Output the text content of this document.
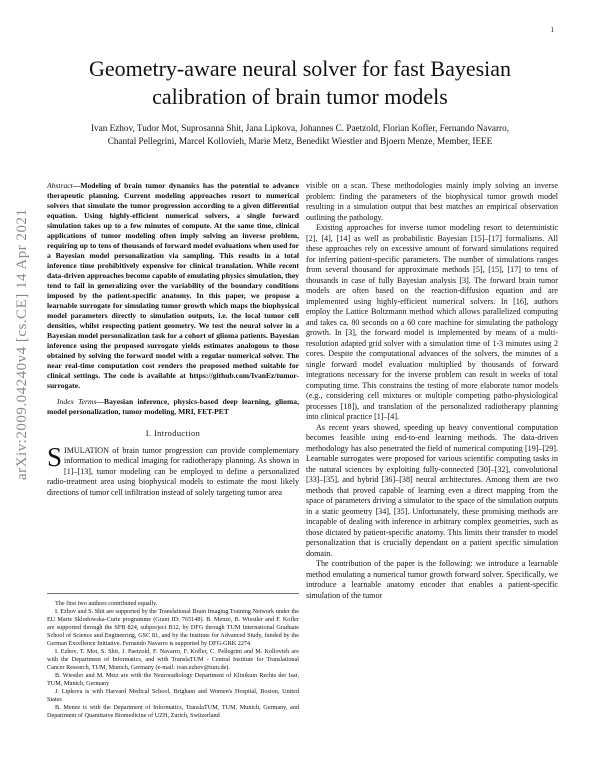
1
arXiv:2009.04240v4 [cs.CE] 14 Apr 2021
Geometry-aware neural solver for fast Bayesian calibration of brain tumor models
Ivan Ezhov, Tudor Mot, Suprosanna Shit, Jana Lipkova, Johannes C. Paetzold, Florian Kofler, Fernando Navarro,
Chantal Pellegrini, Marcel Kollovieh, Marie Metz, Benedikt Wiestler and Bjoern Menze, Member, IEEE

Abstract—Modeling of brain tumor dynamics has the potential to advance therapeutic planning. Current modeling approaches resort to numerical solvers that simulate the tumor progression according to a given differential equation. Using highly-efficient numerical solvers, a single forward simulation takes up to a few minutes of compute. At the same time, clinical applications of tumor modeling often imply solving an inverse problem, requiring up to tens of thousands of forward model evaluations when used for a Bayesian model personalization via sampling. This results in a total inference time prohibitively expensive for clinical translation. While recent data-driven approaches become capable of emulating physics simulation, they tend to fail in generalizing over the variability of the boundary conditions imposed by the patient-specific anatomy. In this paper, we propose a learnable surrogate for simulating tumor growth which maps the biophysical model parameters directly to simulation outputs, i.e. the local tumor cell densities, whilst respecting patient geometry. We test the neural solver in a Bayesian model personalization task for a cohort of glioma patients. Bayesian inference using the proposed surrogate yields estimates analogous to those obtained by solving the forward model with a regular numerical solver. The near real-time computation cost renders the proposed method suitable for clinical settings. The code is available at https://github.com/IvanEz/tumor-surrogate.

Index Terms—Bayesian inference, physics-based deep learning, glioma, model personalization, tumor modeling, MRI, FET-PET

I. Introduction

SIMULATION of brain tumor progression can provide complementary information to medical imaging for radiotherapy planning. As shown in [1]–[13], tumor modeling can be employed to define a personalized radio-treatment area using biophysical models to estimate the most likely directions of tumor cell infiltration instead of solely targeting tumor area

The first two authors contributed equally.

I. Ezhov and S. Shit are supported by the Translational Brain Imaging Training Network under the EU Marie Sklodowska-Curie programme (Grant ID: 765148). B. Menze, B. Wiestler and F. Kofler are supported through the SFB 824, subproject B12, by DFG through TUM International Graduate School of Science and Engineering, GSC 81, and by the Institute for Advanced Study, funded by the German Excellence Initiative. Fernando Navarro is supported by DFG-GRK 2274.

I. Ezhov, T. Mot, S. Shit, J. Paetzold, F. Navarro, F. Kofler, C. Pellegrini and M. Kollovieh are with the Department of Informatics, and with TranslaTUM - Central Institute for Translational Cancer Research, TUM, Munich, Germany (e-mail: ivan.ezhov@tum.de).

B. Wiestler and M. Metz are with the Neuroradiology Department of Klinikum Rechts der Isar, TUM, Munich, Germany

J. Lipkova is with Harvard Medical School, Brigham and Women's Hospital, Boston, United States

B. Menze is with the Department of Informatics, TranslaTUM, TUM, Munich, Germany, and Department of Quantitaive Biomedicine of UZH, Zurich, Switzerland

visible on a scan. These methodologies mainly imply solving an inverse problem: finding the parameters of the biophysical tumor growth model resulting in a simulation output that best matches an empirical observation outlining the pathology.

Existing approaches for inverse tumor modeling resort to deterministic [2], [4], [14] as well as probabilistic Bayesian [15]–[17] formalisms. All these approaches rely on excessive amount of forward simulations required for inferring patient-specific parameters. The number of simulations ranges from several thousand for approximate methods [5], [15], [17] to tens of thousands in case of fully Bayesian analysis [3]. The forward brain tumor models are often based on the reaction-diffusion equation and are implemented using highly-efficient numerical solvers. In [16], authors employ the Lattice Boltzmann method which allows parallelized computing and takes ca. 80 seconds on a 60 core machine for simulating the pathology growth. In [3], the forward model is implemented by means of a multi-resolution adapted grid solver with a simulation time of 1-3 minutes using 2 cores. Despite the computational advances of the solvers, the minutes of a single forward model evaluation multiplied by thousands of forward integrations necessary for the inverse problem can result in weeks of total computing time. This constrains the testing of more elaborate tumor models (e.g., considering cell mixtures or multiple competing patho-physiological processes [18]), and translation of the personalized radiotherapy planning into clinical practice [1]–[4].

As recent years showed, speeding up heavy conventional computation becomes feasible using end-to-end learning methods. The data-driven methodology has also penetrated the field of numerical computing [19]–[29]. Learnable surrogates were proposed for various scientific computing tasks in the natural sciences by exploiting fully-connected [30]–[32], convolutional [33]–[35], and hybrid [36]–[38] neural architectures. Among them are two methods that proved capable of learning even a direct mapping from the space of parameters driving a simulator to the space of the simulation outputs in a static geometry [34], [35]. Unfortunately, these promising methods are incapable of dealing with inference in arbitrary complex geometries, such as those dictated by patient-specific anatomy. This limits their transfer to model personalization that is crucially dependant on a patient specific simulation domain.

The contribution of the paper is the following: we introduce a learnable method emulating a numerical tumor growth forward solver. Specifically, we introduce a learnable anatomy encoder that enables a patient-specific simulation of the tumor
